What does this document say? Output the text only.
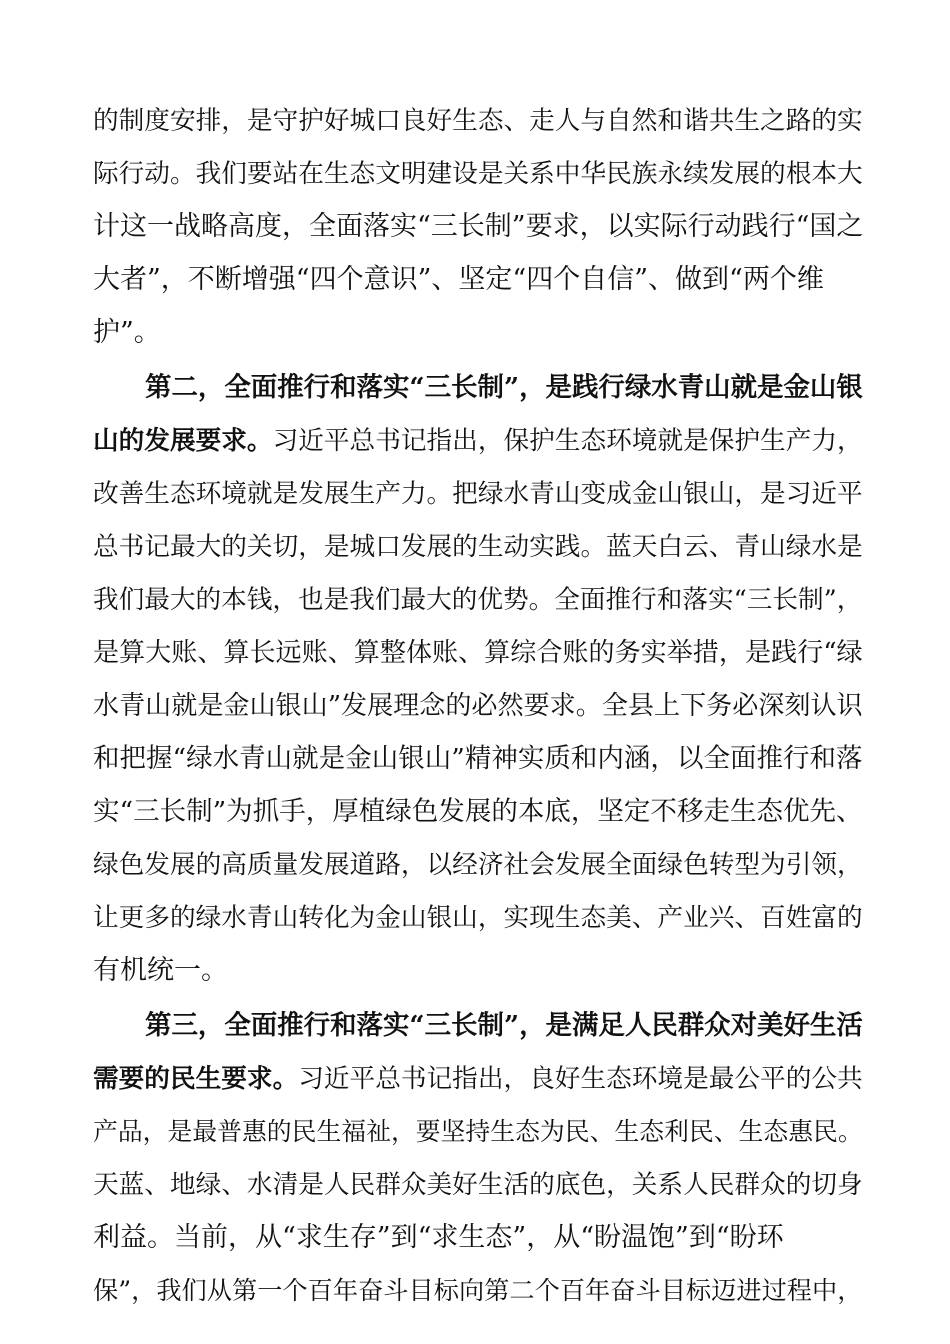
的制度安排，是守护好城口良好生态、走人与自然和谐共生之路的实
际行动。我们要站在生态文明建设是关系中华民族永续发展的根本大
计这一战略高度，全面落实“三长制”要求，以实际行动践行“国之
大者”，不断增强“四个意识”、坚定“四个自信”、做到“两个维
护”。
第二，全面推行和落实“三长制”，是践行绿水青山就是金山银
山的发展要求。习近平总书记指出，保护生态环境就是保护生产力，
改善生态环境就是发展生产力。把绿水青山变成金山银山，是习近平
总书记最大的关切，是城口发展的生动实践。蓝天白云、青山绿水是
我们最大的本钱，也是我们最大的优势。全面推行和落实“三长制”，
是算大账、算长远账、算整体账、算综合账的务实举措，是践行“绿
水青山就是金山银山”发展理念的必然要求。全县上下务必深刻认识
和把握“绿水青山就是金山银山”精神实质和内涵，以全面推行和落
实“三长制”为抓手，厚植绿色发展的本底，坚定不移走生态优先、
绿色发展的高质量发展道路，以经济社会发展全面绿色转型为引领，
让更多的绿水青山转化为金山银山，实现生态美、产业兴、百姓富的
有机统一。
第三，全面推行和落实“三长制”，是满足人民群众对美好生活
需要的民生要求。习近平总书记指出，良好生态环境是最公平的公共
产品，是最普惠的民生福祉，要坚持生态为民、生态利民、生态惠民。
天蓝、地绿、水清是人民群众美好生活的底色，关系人民群众的切身
利益。当前，从“求生存”到“求生态”，从“盼温饱”到“盼环
保”，我们从第一个百年奋斗目标向第二个百年奋斗目标迈进过程中，
